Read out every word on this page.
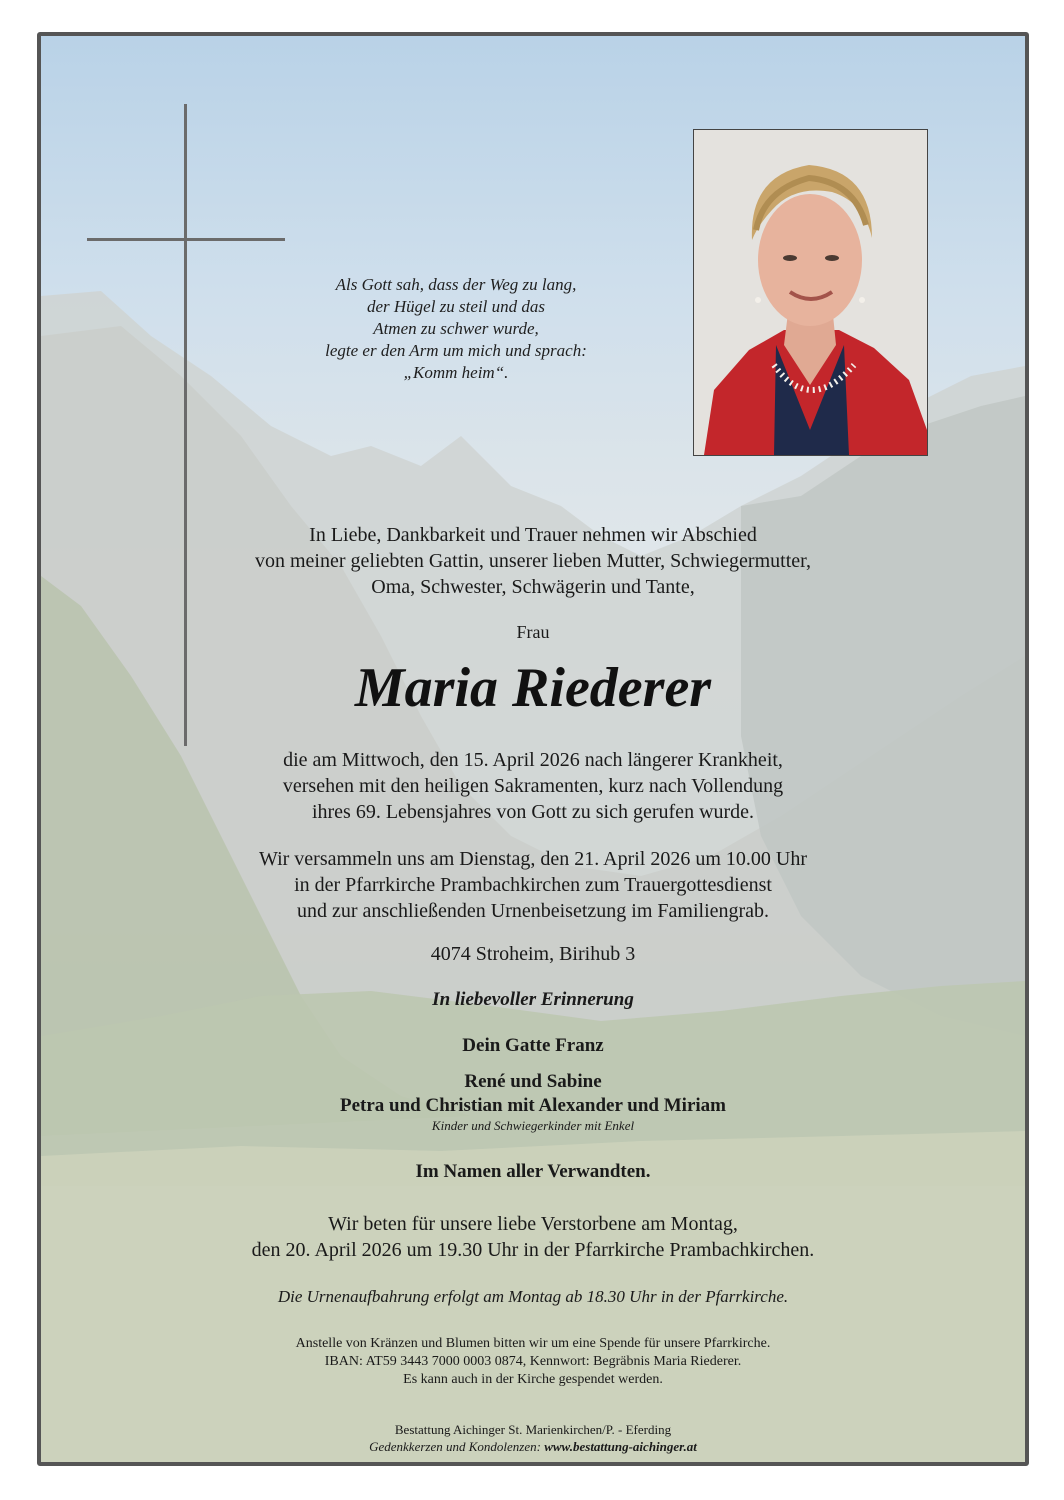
Als Gott sah, dass der Weg zu lang,
der Hügel zu steil und das
Atmen zu schwer wurde,
legte er den Arm um mich und sprach:
„Komm heim“.
In Liebe, Dankbarkeit und Trauer nehmen wir Abschied
von meiner geliebten Gattin, unserer lieben Mutter, Schwiegermutter,
Oma, Schwester, Schwägerin und Tante,
Frau
Maria Riederer
die am Mittwoch, den 15. April 2026 nach längerer Krankheit,
versehen mit den heiligen Sakramenten, kurz nach Vollendung
ihres 69. Lebensjahres von Gott zu sich gerufen wurde.
Wir versammeln uns am Dienstag, den 21. April 2026 um 10.00 Uhr
in der Pfarrkirche Prambachkirchen zum Trauergottesdienst
und zur anschließenden Urnenbeisetzung im Familiengrab.
4074 Stroheim, Birihub 3
In liebevoller Erinnerung
Dein Gatte Franz
René und Sabine
Petra und Christian mit Alexander und Miriam
Kinder und Schwiegerkinder mit Enkel
Im Namen aller Verwandten.
Wir beten für unsere liebe Verstorbene am Montag,
den 20. April 2026 um 19.30 Uhr in der Pfarrkirche Prambachkirchen.
Die Urnenaufbahrung erfolgt am Montag ab 18.30 Uhr in der Pfarrkirche.
Anstelle von Kränzen und Blumen bitten wir um eine Spende für unsere Pfarrkirche.
IBAN: AT59 3443 7000 0003 0874, Kennwort: Begräbnis Maria Riederer.
Es kann auch in der Kirche gespendet werden.
Bestattung Aichinger St. Marienkirchen/P. - Eferding
Gedenkkerzen und Kondolenzen: www.bestattung-aichinger.at
